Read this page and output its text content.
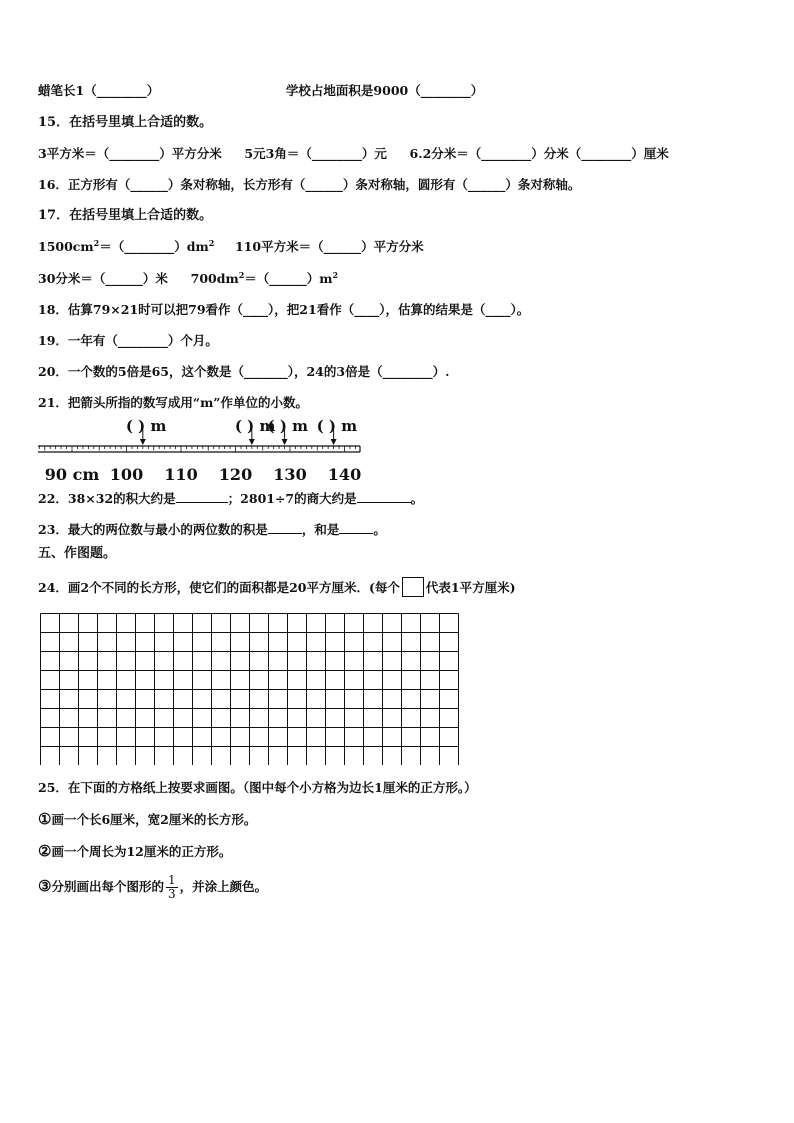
蜡笔长1（________）	学校占地面积是9000（________）
15．在括号里填上合适的数。
3平方米＝（________）平方分米 5元3角＝（________）元 6.2分米＝（________）分米（________）厘米
16．正方形有（______）条对称轴，长方形有（______）条对称轴，圆形有（______）条对称轴。
17．在括号里填上合适的数。
$1500cm^2=(\_\_\_\_\_\_\_\_)dm^2$ 110平方米＝（______）平方分米
30分米＝（______）米 $700dm^2=(\_\_\_\_\_\_)m^2$
18．估算79×21时可以把79看作（____），把21看作（____），估算的结果是（____）。
19．一年有（________）个月。
20．一个数的5倍是65，这个数是（_______），24的3倍是（________）.
21．把箭头所指的数写成用“m”作单位的小数。
90 cm 100 110 120 130 140
( ) m	( ) m
( ) m ( ) m
22．38×32的积大约是	；2801÷7的商大约是	。
23．最大的两位数与最小的两位数的积是	，和是	。
五、作图题。
24．画2个不同的长方形，使它们的面积都是20平方厘米．(每个 代表1平方厘米)
25．在下面的方格纸上按要求画图。（图中每个小方格为边长1厘米的正方形。）
①画一个长6厘米，宽2厘米的长方形。
②画一个周长为12厘米的正方形。
③分别画出每个图形的 $\frac{1}{3}$ ，并涂上颜色。
